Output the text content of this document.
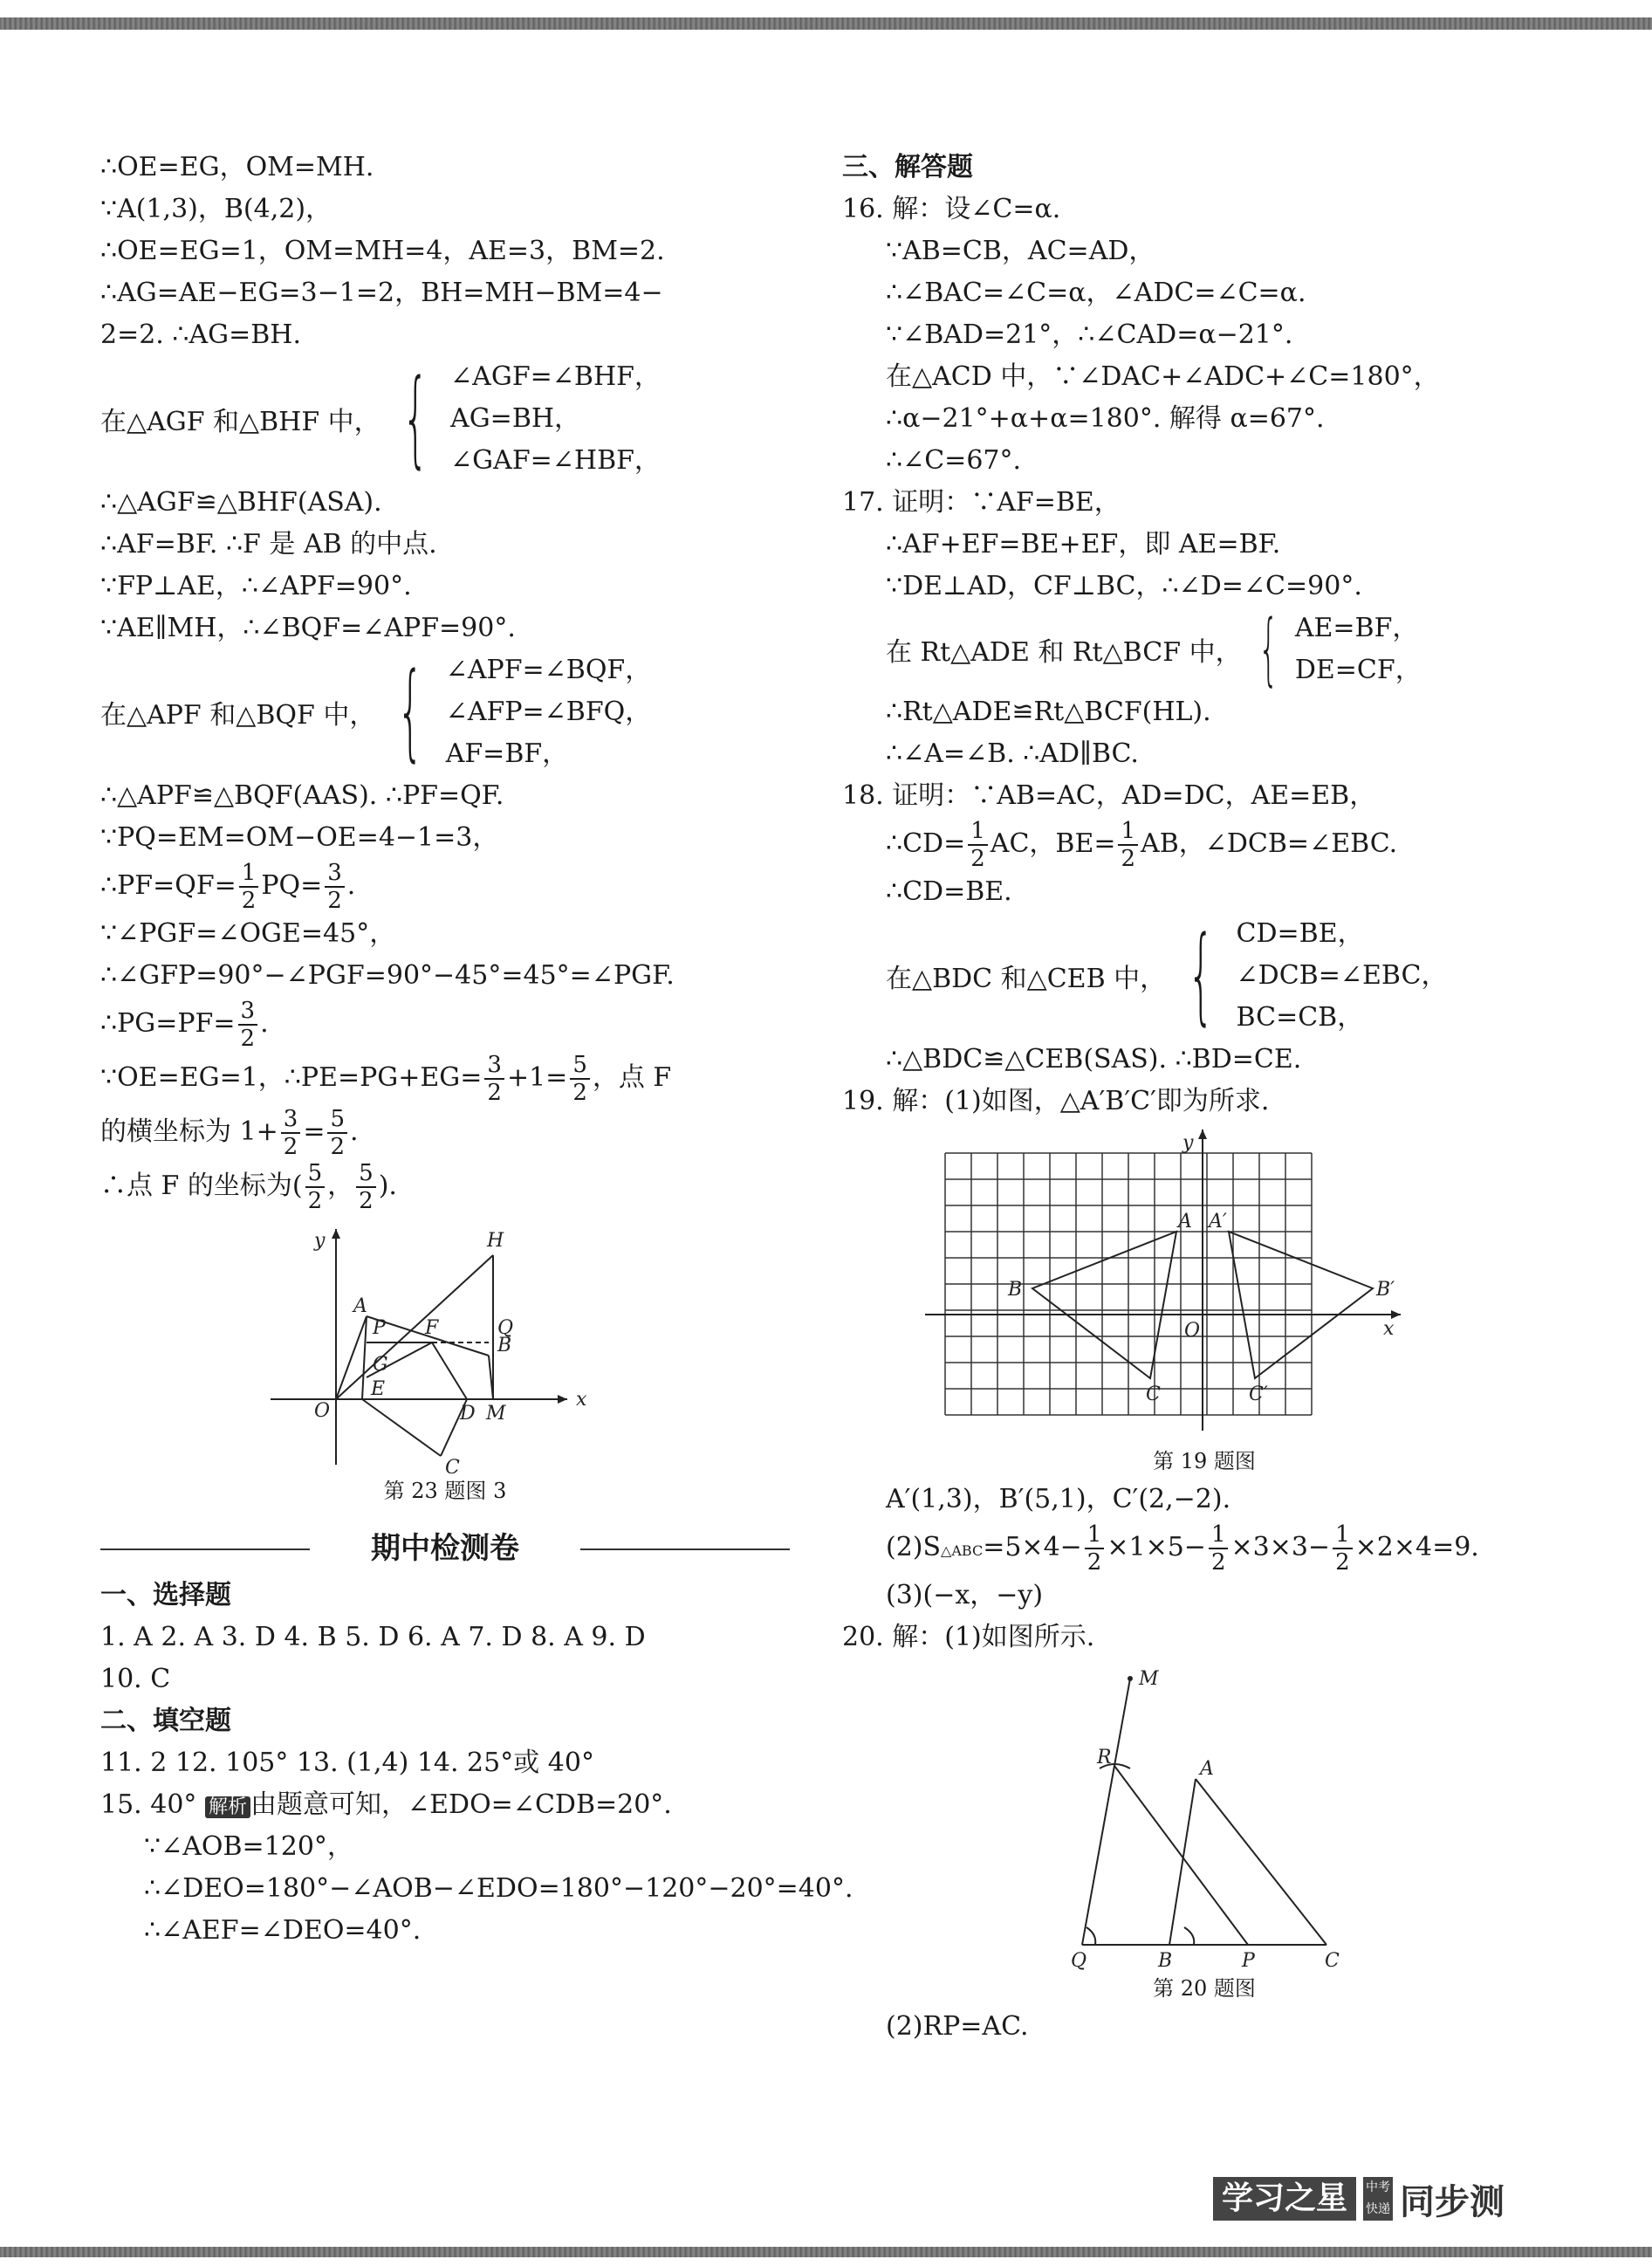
∴OE=EG，OM=MH.
∵A(1,3)，B(4,2)，
∴OE=EG=1，OM=MH=4，AE=3，BM=2.
∴AG=AE−EG=3−1=2，BH=MH−BM=4−
2=2. ∴AG=BH.
在△AGF 和△BHF 中， { ∠AGF=∠BHF，
AG=BH，
∠GAF=∠HBF，
∴△AGF≌△BHF(ASA).
∴AF=BF. ∴F 是 AB 的中点.
∵FP⊥AE，∴∠APF=90°.
∵AE∥MH，∴∠BQF=∠APF=90°.
在△APF 和△BQF 中， { ∠APF=∠BQF，
∠AFP=∠BFQ，
AF=BF，
∴△APF≌△BQF(AAS). ∴PF=QF.
∵PQ=EM=OM−OE=4−1=3，
∴PF=QF= $\frac{1}{2} PQ= \frac{3}{2}$ .
∵∠PGF=∠OGE=45°，
∴∠GFP=90°−∠PGF=90°−45°=45°=∠PGF.
∴PG=PF= $\frac{3}{2}$ .
∵OE=EG=1，∴PE=PG+EG= $\frac{3}{2} +1= \frac{5}{2}$ ，点 F
的横坐标为 $1+ \frac{3}{2} = \frac{5}{2}$ .
∴点 F 的坐标为( $\frac{5}{2}$ ， $\frac{5}{2}$ ).
y
x
O
A
B
C
D
E
F
G
H
M
P	Q
第 23 题图 3
期中检测卷
一、选择题
1. A 2. A 3. D 4. B 5. D 6. A 7. D 8. A 9. D
10. C
二、填空题
11. 2 12. 105° 13. (1,4) 14. 25°或 40°
15. 40° 解析 由题意可知，∠EDO=∠CDB=20°.
∵∠AOB=120°，
∴∠DEO=180°−∠AOB−∠EDO=180°−120°−20°=40°.
∴∠AEF=∠DEO=40°.
三、解答题
16. 解：设∠C=α.
∵AB=CB，AC=AD，
∴∠BAC=∠C=α，∠ADC=∠C=α.
∵∠BAD=21°，∴∠CAD=α−21°.
在△ACD 中，∵∠DAC+∠ADC+∠C=180°，
∴α−21°+α+α=180°. 解得 α=67°.
∴∠C=67°.
17. 证明：∵AF=BE，
∴AF+EF=BE+EF，即 AE=BF.
∵DE⊥AD，CF⊥BC，∴∠D=∠C=90°.
在 Rt△ADE 和 Rt△BCF 中， { AE=BF，
DE=CF，
∴Rt△ADE≌Rt△BCF(HL).
∴∠A=∠B. ∴AD∥BC.
18. 证明：∵AB=AC，AD=DC，AE=EB，
∴CD= $\frac{1}{2}$ AC，$BE= \frac{1}{2}$ AB，∠DCB=∠EBC.
∴CD=BE.
在△BDC 和△CEB 中， { CD=BE，
∠DCB=∠EBC，
BC=CB，
∴△BDC≌△CEB(SAS). ∴BD=CE.
19. 解：(1)如图，△A′B′C′即为所求.
y
x
O
A A′
B	B′
C	C′
第 19 题图
A′(1,3)，B′(5,1)，C′(2,−2).
(2)S△ABC=5×4− $\frac{1}{2} \times 1\times 5- \frac{1}{2} \times 3\times 3- \frac{1}{2} \times 2\times 4=9$.
(3)(−x，−y)
20. 解：(1)如图所示.
M
R
A
Q	B	P	C
第 20 题图
(2)RP=AC.
学习之星	中考 快递 同步测
